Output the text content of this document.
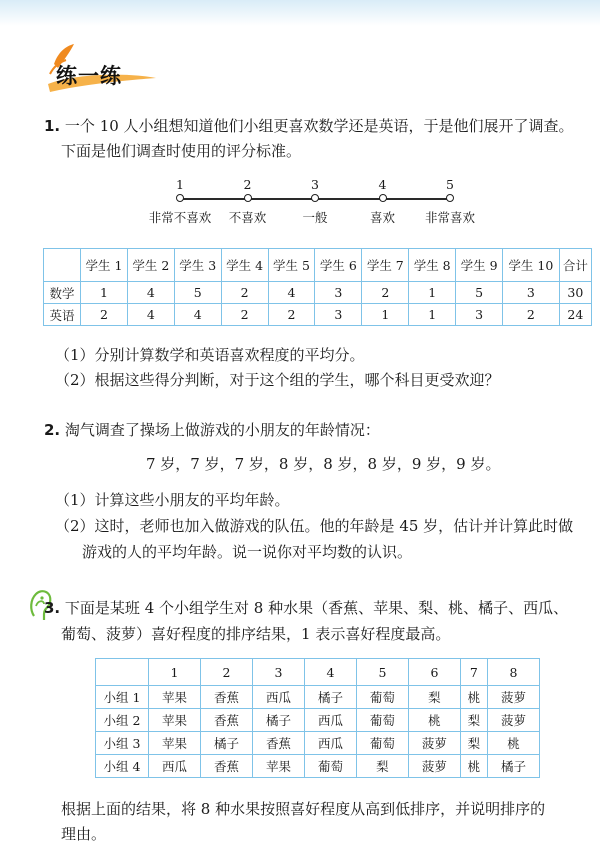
练一练
1. 一个 10 人小组想知道他们小组更喜欢数学还是英语，于是他们展开了调查。
下面是他们调查时使用的评分标准。
1
非常不喜欢
2
不喜欢
3
一般
4
喜欢
5
非常喜欢
	学生 1	学生 2	学生 3	学生 4	学生 5	学生 6	学生 7	学生 8	学生 9	学生 10	合计
数学	1	4	5	2	4	3	2	1	5	3	30
英语	2	4	4	2	2	3	1	1	3	2	24
（1）分别计算数学和英语喜欢程度的平均分。
（2）根据这些得分判断，对于这个组的学生，哪个科目更受欢迎？
2. 淘气调查了操场上做游戏的小朋友的年龄情况：
7 岁，7 岁，7 岁，8 岁，8 岁，8 岁，9 岁，9 岁。
（1）计算这些小朋友的平均年龄。
（2）这时，老师也加入做游戏的队伍。他的年龄是 45 岁，估计并计算此时做
游戏的人的平均年龄。说一说你对平均数的认识。
3. 下面是某班 4 个小组学生对 8 种水果（香蕉、苹果、梨、桃、橘子、西瓜、
葡萄、菠萝）喜好程度的排序结果，1 表示喜好程度最高。
	1	2	3	4	5	6	7	8
小组 1	苹果	香蕉	西瓜	橘子	葡萄	梨	桃	菠萝
小组 2	苹果	香蕉	橘子	西瓜	葡萄	桃	梨	菠萝
小组 3	苹果	橘子	香蕉	西瓜	葡萄	菠萝	梨	桃
小组 4	西瓜	香蕉	苹果	葡萄	梨	菠萝	桃	橘子
根据上面的结果，将 8 种水果按照喜好程度从高到低排序，并说明排序的
理由。
